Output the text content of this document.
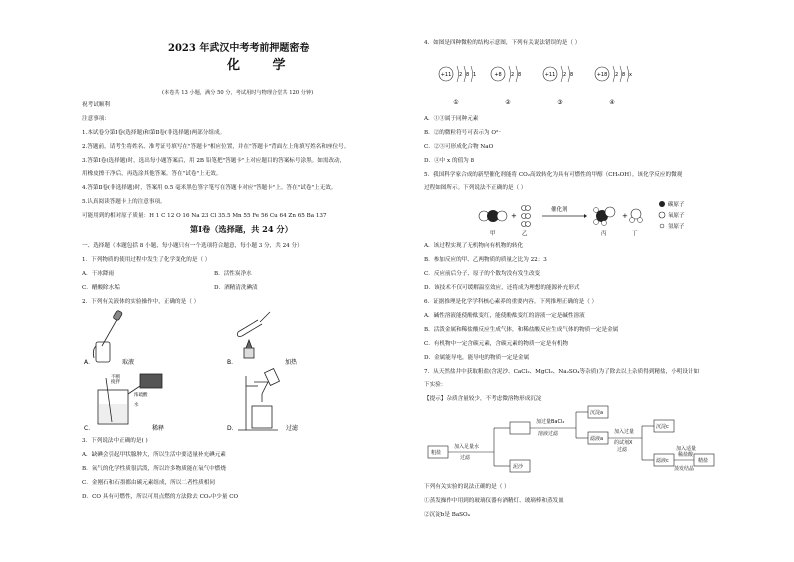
2023 年武汉中考考前押题密卷
化 学
(本卷共 13 小题，满分 50 分，考试用时与物理合堂共 120 分钟)
祝考试顺利
注意事项：
1.本试卷分第Ⅰ卷(选择题)和第Ⅱ卷(非选择题)两部分组成。
2.答题前，请考生将姓名、准考证号填写在"答题卡"相应位置，并在"答题卡"背面左上角填写姓名和座位号。
3.答第Ⅰ卷(选择题)时，选出每小题答案后，用 2B 铅笔把"答题卡"上对应题目的答案标号涂黑。如需改动，
用橡皮擦干净后，再选涂其他答案。答在"试卷"上无效。
4.答第Ⅱ卷(非选择题)时，答案用 0.5 毫米黑色签字笔写在答题卡对应"答题卡"上。答在"试卷"上无效。
5.认真阅读答题卡上的注意事项。
可能用到的相对原子质量：H 1 C 12 O 16 Na 23 Cl 35.5 Mn 55 Fe 56 Cu 64 Zn 65 Ba 137
第Ⅰ卷（选择题，共 24 分）
一、选择题（本题包括 8 小题，每小题只有一个选项符合题意，每小题 3 分，共 24 分）
1．下列物质的使用过程中发生了化学变化的是（ ）
A．干冰降雨	B．活性炭净水
C．醋酸除水垢	D．酒精清洗碘渍
2．下列有关液体的实验操作中，正确的是（ ）
A．	取液	B．	加热
不断
搅拌
浓硫酸
水
C．	稀释	D．	过滤
3．下列说法中正确的是( )
A．缺碘会引起甲状腺肿大，所以生活中要适量补充碘元素
B．氧气的化学性质很活泼，所以许多物质能在氧气中燃烧
C．金刚石和石墨都由碳元素组成，所以二者性质相同
D．CO 具有可燃性，所以可用点燃的方法除去 CO₂中少量 CO
4．如图是四种微粒的结构示意图，下列有关说法错误的是（ ）
+11 2 8 1
①
+8 2 8
②
+11 2 8
③
+18 2 8 x
④
A．①③属于同种元素
B．②的微粒符号可表示为 O²⁻
C．②③可形成化合物 NaO
D．④中 x 的值为 8
5．我国科学家合成的新型催化剂能将 CO₂高效转化为具有可燃性的甲醇（CH₃OH）。该化学反应的微观
过程如图所示。下列说法不正确的是（ ）
+
催化剂
+
甲	乙	丙	丁
碳原子
氧原子
氢原子
A．该过程实现了无机物向有机物的转化
B．参加反应的甲、乙两物质的质量之比为 22：3
C．反应前后分子、原子的个数均没有发生改变
D．该技术不仅可缓解温室效应，还将成为理想的能源补充形式
6．证据推理是化学学科核心素养的重要内容。下列推理正确的是（ ）
A．碱性溶液能使酚酞变红，能使酚酞变红的溶液一定是碱性溶液
B．活泼金属和稀盐酸反应生成气体，和稀盐酸反应生成气体的物质一定是金属
C．有机物中一定含碳元素，含碳元素的物质一定是有机物
D．金属能导电，能导电的物质一定是金属
7．从天然盐井中获取粗盐(含泥沙、CaCl₂、MgCl₂、Na₂SO₄等杂质)为了除去以上杂质得到精盐，小明设计如
下实验：
【提示】杂质含量较少，不考虑微溶物形成沉淀
粗盐
加入足量水
过滤
泥沙
加过量BaCl₂
溶液过滤
沉淀a
滤液a
加入过量
的试剂X
过滤
沉淀c
滤液c
加入适量
稀盐酸
蒸发结晶
精盐
下列有关实验的说法正确的是（ ）
①蒸发操作中用到的玻璃仪器有酒精灯、玻璃棒和蒸发皿
②沉淀b是 BaSO₄
